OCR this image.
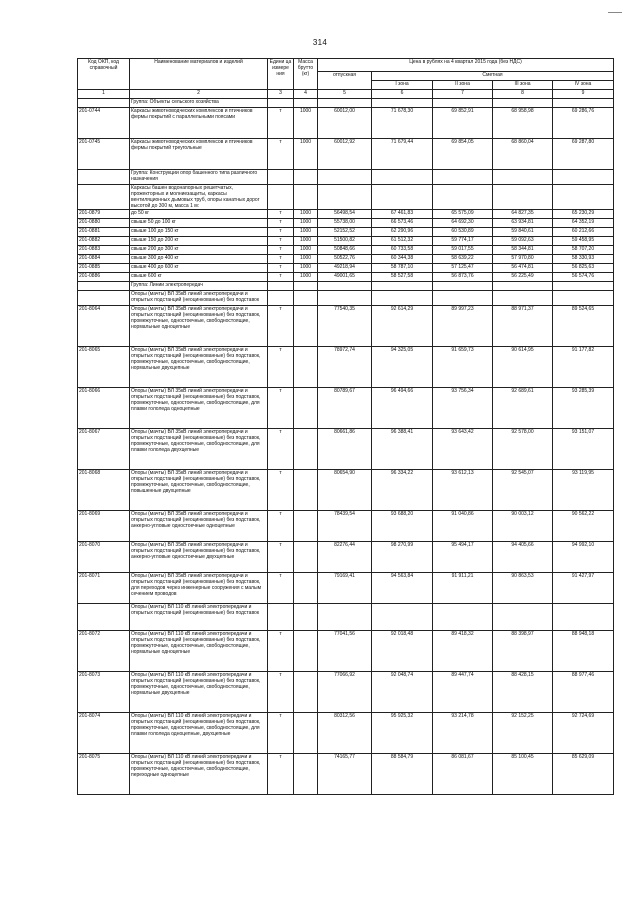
314
Код ОКП, код справочный	Наименование материалов и изделий	Едини ца измере ния	Масса брутто (кг)	Цена в рублях на 4 квартал 2015 года (без НДС)				
				отпускная	Сметная			
					I зона	II зона	III зона	IV зона
1	2	3	4	5	6	7	8	9
	Группа: Объекты сельского хозяйства							
201-0744	Каркасы животноводческих комплексов и птичников фермы покрытий с параллельными поясами	т	1000	60012,00	71 678,30	69 852,91	68 958,98	69 286,76
201-0745	Каркасы животноводческих комплексов и птичников фермы покрытий треугольные	т	1000	60012,92	71 679,44	69 854,05	68 860,04	69 287,80
	Группа: Конструкции опор башенного типа различного назначения							
	Каркасы башен водонапорных решетчатых, прожекторных и молниезащиты, каркасы вентиляционных дымовых труб, опоры канатных дорог высотой до 300 м, масса 1 м:							
201-0879	до 50 кг	т	1000	56498,54	67 461,83	65 575,09	64 827,35	65 230,29
201-0880	свыше 50 до 100 кг	т	1000	55738,00	66 573,46	64 692,30	63 934,81	64 352,19
201-0881	свыше 100 до 150 кг	т	1000	52152,52	62 290,96	60 530,89	59 840,61	60 212,66
201-0882	свыше 150 до 200 кг	т	1000	51500,82	61 512,32	59 774,17	59 092,63	59 458,95
201-0883	свыше 200 до 300 кг	т	1000	50848,66	60 733,58	59 017,55	58 344,81	58 707,20
201-0884	свыше 300 до 400 кг	т	1000	50522,76	60 344,38	58 639,22	57 970,80	58 330,93
201-0885	свыше 400 до 600 кг	т	1000	49218,94	58 787,10	57 125,47	56 474,81	56 825,63
201-0886	свыше 600 кг	т	1000	49001,65	58 527,58	56 873,76	56 225,49	56 574,76
	Группа: Линии электропередач							
	Опоры (мачты) ВЛ 35кВ линий электропередачи и открытых подстанций (неоцинкованные) без подставок							
201-8064	Опоры (мачты) ВЛ 35кВ линий электропередачи и открытых подстанций (неоцинкованные) без подставок, промежуточные, одностоечные, свободностоящие, нормальные одноцепные	т		77540,35	92 614,29	89 997,23	88 971,37	89 524,65
201-8065	Опоры (мачты) ВЛ 35кВ линий электропередачи и открытых подстанций (неоцинкованные) без подставок, промежуточные, одностоечные, свободностоящие, нормальные двухцепные	т		78972,74	94 325,05	91 659,73	90 614,95	91 177,82
201-8066	Опоры (мачты) ВЛ 35кВ линий электропередачи и открытых подстанций (неоцинкованные) без подставок, промежуточные, одностоечные, свободностоящие, для плавки гололеда одноцепные	т		80789,67	96 494,66	93 756,34	92 689,61	93 285,39
201-8067	Опоры (мачты) ВЛ 35кВ линий электропередачи и открытых подстанций (неоцинкованные) без подставок, промежуточные, одностоечные, свободностоящие, для плавки гололеда двухцепные	т		80661,86	96 388,41	93 643,42	92 578,00	93 151,07
201-8068	Опоры (мачты) ВЛ 35кВ линий электропередачи и открытых подстанций (неоцинкованные) без подставок, промежуточные, одностоечные, свободностоящие, повышенные двухцепные	т		80654,90	96 334,22	93 612,13	92 545,07	93 119,95
201-8069	Опоры (мачты) ВЛ 35кВ линий электропередачи и открытых подстанций (неоцинкованные) без подставок, анкерно-угловые одностоечные одноцепные	т		78439,54	93 688,20	91 040,86	90 003,12	90 562,22
201-8070	Опоры (мачты) ВЛ 35кВ линий электропередачи и открытых подстанций (неоцинкованные) без подставок, анкерно-угловые одностоечные двухцепные	т		82276,44	98 270,99	95 494,17	94 405,66	94 992,10
201-8071	Опоры (мачты) ВЛ 35кВ линий электропередачи и открытых подстанций (неоцинкованные) без подставок, для переходов через инженерные сооружения с малым сечением проводов	т		79169,41	94 563,84	91 911,21	90 863,53	91 427,97
	Опоры (мачты) ВЛ 110 кВ линий электропередачи и открытых подстанций (неоцинкованные) без подставок							
201-8072	Опоры (мачты) ВЛ 110 кВ линий электропередачи и открытых подстанций (неоцинкованные) без подставок, промежуточные, одностоечные, свободностоящие, нормальные одноцепные	т		77041,56	92 018,48	89 418,32	88 398,97	88 948,18
201-8073	Опоры (мачты) ВЛ 110 кВ линий электропередачи и открытых подстанций (неоцинкованные) без подставок, промежуточные, одностоечные, свободностоящие, нормальные двухцепные	т		77066,92	92 048,74	89 447,74	88 428,15	88 977,46
201-8074	Опоры (мачты) ВЛ 110 кВ линий электропередачи и открытых подстанций (неоцинкованные) без подставок, промежуточные, одностоечные, свободностоящие, для плавки гололеда одноцепные, двухцепные	т		80312,56	95 925,32	93 214,78	92 152,25	92 724,69
201-8075	Опоры (мачты) ВЛ 110 кВ линий электропередачи и открытых подстанций (неоцинкованные) без подставок, промежуточные, одностоечные, свободностоящие, переходные одноцепные	т		74165,77	88 584,79	86 081,67	85 100,45	85 629,09
